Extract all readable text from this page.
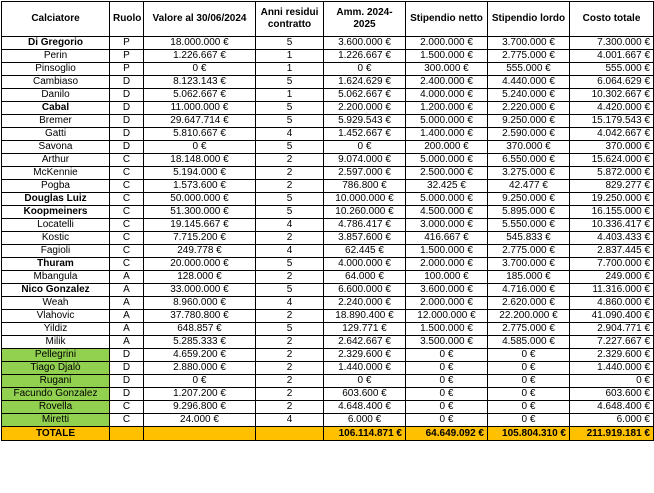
Calciatore	Ruolo	Valore al 30/06/2024	Anni residui contratto	Amm. 2024-2025	Stipendio netto	Stipendio lordo	Costo totale
Di Gregorio	P	18.000.000 €	5	3.600.000 €	2.000.000 €	3.700.000 €	7.300.000 €
Perin	P	1.226.667 €	1	1.226.667 €	1.500.000 €	2.775.000 €	4.001.667 €
Pinsoglio	P	0 €	1	0 €	300.000 €	555.000 €	555.000 €
Cambiaso	D	8.123.143 €	5	1.624.629 €	2.400.000 €	4.440.000 €	6.064.629 €
Danilo	D	5.062.667 €	1	5.062.667 €	4.000.000 €	5.240.000 €	10.302.667 €
Cabal	D	11.000.000 €	5	2.200.000 €	1.200.000 €	2.220.000 €	4.420.000 €
Bremer	D	29.647.714 €	5	5.929.543 €	5.000.000 €	9.250.000 €	15.179.543 €
Gatti	D	5.810.667 €	4	1.452.667 €	1.400.000 €	2.590.000 €	4.042.667 €
Savona	D	0 €	5	0 €	200.000 €	370.000 €	370.000 €
Arthur	C	18.148.000 €	2	9.074.000 €	5.000.000 €	6.550.000 €	15.624.000 €
McKennie	C	5.194.000 €	2	2.597.000 €	2.500.000 €	3.275.000 €	5.872.000 €
Pogba	C	1.573.600 €	2	786.800 €	32.425 €	42.477 €	829.277 €
Douglas Luiz	C	50.000.000 €	5	10.000.000 €	5.000.000 €	9.250.000 €	19.250.000 €
Koopmeiners	C	51.300.000 €	5	10.260.000 €	4.500.000 €	5.895.000 €	16.155.000 €
Locatelli	C	19.145.667 €	4	4.786.417 €	3.000.000 €	5.550.000 €	10.336.417 €
Kostic	C	7.715.200 €	2	3.857.600 €	416.667 €	545.833 €	4.403.433 €
Fagioli	C	249.778 €	4	62.445 €	1.500.000 €	2.775.000 €	2.837.445 €
Thuram	C	20.000.000 €	5	4.000.000 €	2.000.000 €	3.700.000 €	7.700.000 €
Mbangula	A	128.000 €	2	64.000 €	100.000 €	185.000 €	249.000 €
Nico Gonzalez	A	33.000.000 €	5	6.600.000 €	3.600.000 €	4.716.000 €	11.316.000 €
Weah	A	8.960.000 €	4	2.240.000 €	2.000.000 €	2.620.000 €	4.860.000 €
Vlahovic	A	37.780.800 €	2	18.890.400 €	12.000.000 €	22.200.000 €	41.090.400 €
Yildiz	A	648.857 €	5	129.771 €	1.500.000 €	2.775.000 €	2.904.771 €
Milik	A	5.285.333 €	2	2.642.667 €	3.500.000 €	4.585.000 €	7.227.667 €
Pellegrini	D	4.659.200 €	2	2.329.600 €	0 €	0 €	2.329.600 €
Tiago Djalò	D	2.880.000 €	2	1.440.000 €	0 €	0 €	1.440.000 €
Rugani	D	0 €	2	0 €	0 €	0 €	0 €
Facundo Gonzalez	D	1.207.200 €	2	603.600 €	0 €	0 €	603.600 €
Rovella	C	9.296.800 €	2	4.648.400 €	0 €	0 €	4.648.400 €
Miretti	C	24.000 €	4	6.000 €	0 €	0 €	6.000 €
TOTALE				106.114.871 €	64.649.092 €	105.804.310 €	211.919.181 €
